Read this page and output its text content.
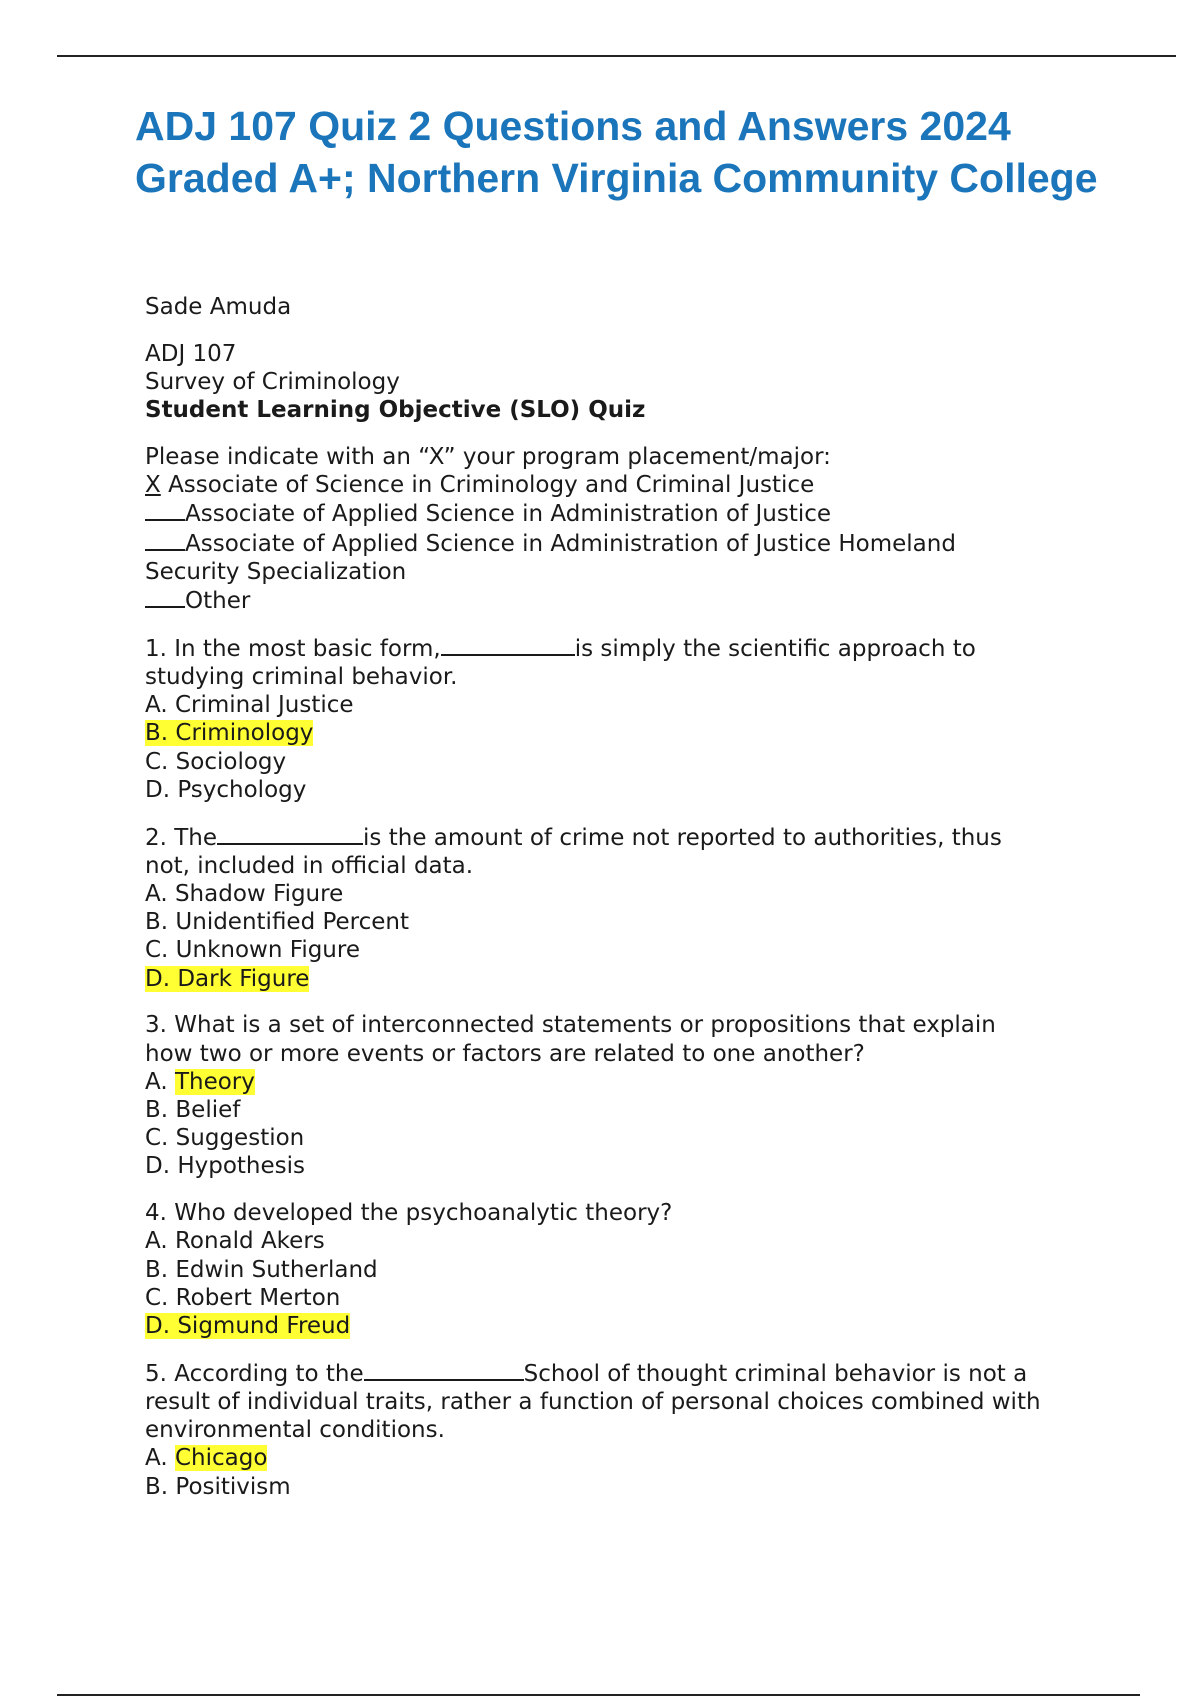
ADJ 107 Quiz 2 Questions and Answers 2024 Graded A+; Northern Virginia Community College
Sade Amuda
ADJ 107
Survey of Criminology
Student Learning Objective (SLO) Quiz
Please indicate with an “X” your program placement/major:
X Associate of Science in Criminology and Criminal Justice
Associate of Applied Science in Administration of Justice
Associate of Applied Science in Administration of Justice Homeland
Security Specialization
Other
1. In the most basic form,	is simply the scientific approach to
studying criminal behavior.
A. Criminal Justice
B. Criminology
C. Sociology
D. Psychology
2. The	is the amount of crime not reported to authorities, thus
not, included in official data.
A. Shadow Figure
B. Unidentified Percent
C. Unknown Figure
D. Dark Figure
3. What is a set of interconnected statements or propositions that explain
how two or more events or factors are related to one another?
A. Theory
B. Belief
C. Suggestion
D. Hypothesis
4. Who developed the psychoanalytic theory?
A. Ronald Akers
B. Edwin Sutherland
C. Robert Merton
D. Sigmund Freud
5. According to the	School of thought criminal behavior is not a
result of individual traits, rather a function of personal choices combined with
environmental conditions.
A. Chicago
B. Positivism
